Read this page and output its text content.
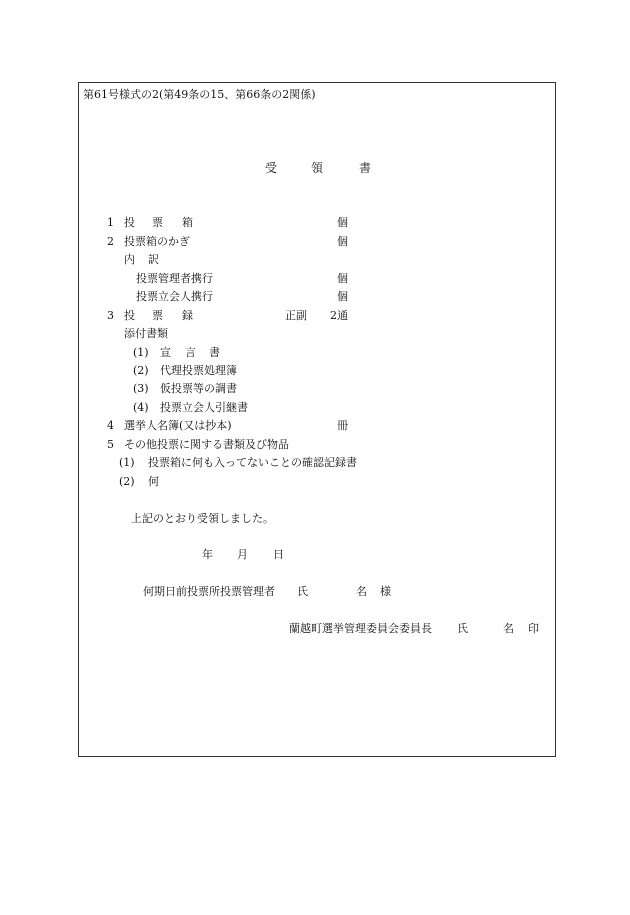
第61号様式の2(第49条の15、第66条の2関係)
受	領	書
1 投 票 箱	個
2 投票箱のかぎ	個
内 訳
投票管理者携行	個
投票立会人携行	個
3 投 票 録	正副 2通
添付書類
(1) 宣 言 書
(2) 代理投票処理簿
(3) 仮投票等の調書
(4) 投票立会人引継書
4 選挙人名簿(又は抄本)	冊
5 その他投票に関する書類及び物品
(1) 投票箱に何も入ってないことの確認記録書
(2) 何
上記のとおり受領しました。
年 月 日
何期日前投票所投票管理者 氏	名 様
蘭越町選挙管理委員会委員長 氏	名 印
